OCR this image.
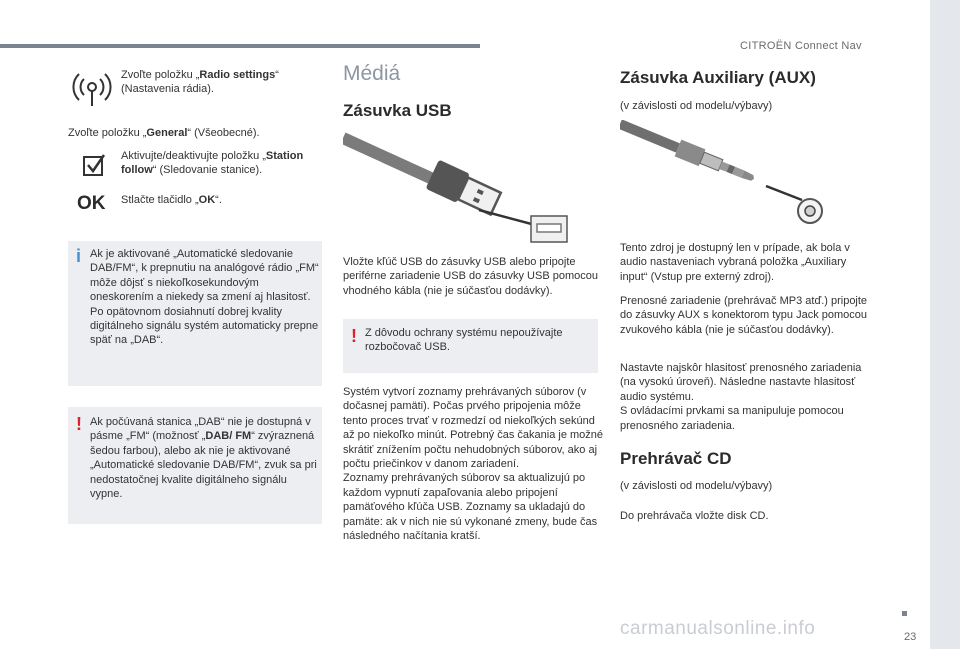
CITROËN Connect Nav
Zvoľte položku „Radio settings“ (Nastavenia rádia).

Zvoľte položku „General“ (Všeobecné).

Aktivujte/deaktivujte položku „Station follow“ (Sledovanie stanice).
OK Stlačte tlačidlo „OK“.
i Ak je aktivované „Automatické sledovanie DAB/FM“, k prepnutiu na analógové rádio „FM“ môže dôjsť s niekoľkosekundovým oneskorením a niekedy sa zmení aj hlasitosť.
Po opätovnom dosiahnutí dobrej kvality digitálneho signálu systém automaticky prepne späť na „DAB“.
! Ak počúvaná stanica „DAB“ nie je dostupná v pásme „FM“ (možnosť „DAB/ FM“ zvýraznená šedou farbou), alebo ak nie je aktivované „Automatické sledovanie DAB/FM“, zvuk sa pri nedostatočnej kvalite digitálneho signálu vypne.
Médiá
Zásuvka USB

Vložte kľúč USB do zásuvky USB alebo pripojte periférne zariadenie USB do zásuvky USB pomocou vhodného kábla (nie je súčasťou dodávky).

! Z dôvodu ochrany systému nepoužívajte rozbočovač USB.

Systém vytvorí zoznamy prehrávaných súborov (v dočasnej pamäti). Počas prvého pripojenia môže tento proces trvať v rozmedzí od niekoľkých sekúnd až po niekoľko minút. Potrebný čas čakania je možné skrátiť znížením počtu nehudobných súborov, ako aj počtu priečinkov v danom zariadení.
Zoznamy prehrávaných súborov sa aktualizujú po každom vypnutí zapaľovania alebo pripojení pamäťového kľúča USB. Zoznamy sa ukladajú do pamäte: ak v nich nie sú vykonané zmeny, bude čas následného načítania kratší.

Zásuvka Auxiliary (AUX)

(v závislosti od modelu/výbavy)

Tento zdroj je dostupný len v prípade, ak bola v audio nastaveniach vybraná položka „Auxiliary input“ (Vstup pre externý zdroj).

Prenosné zariadenie (prehrávač MP3 atď.) pripojte do zásuvky AUX s konektorom typu Jack pomocou zvukového kábla (nie je súčasťou dodávky).

Nastavte najskôr hlasitosť prenosného zariadenia (na vysokú úroveň). Následne nastavte hlasitosť audio systému.
S ovládacími prvkami sa manipuluje pomocou prenosného zariadenia.

Prehrávač CD

(v závislosti od modelu/výbavy)

Do prehrávača vložte disk CD.

23
carmanualsonline.info
